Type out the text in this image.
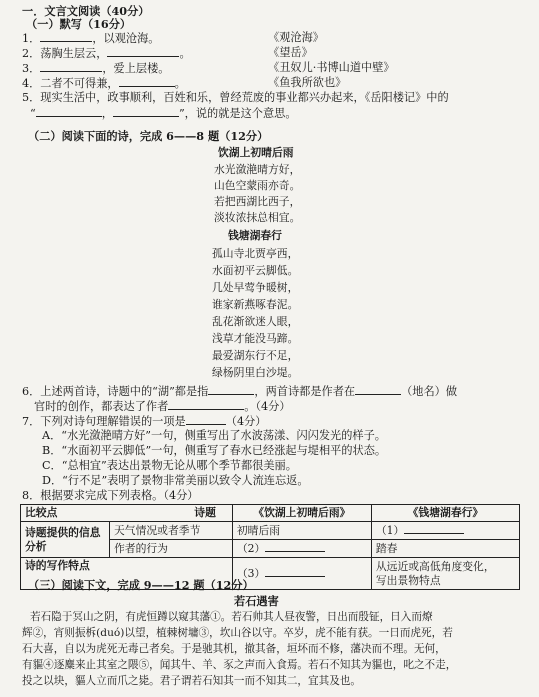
一．文言文阅读（40分）
（一）默写（16分）
1．	，以观沧海。	《观沧海》
2．荡胸生层云，	。	《望岳》
3．	，爱上层楼。	《丑奴儿·书博山道中壁》
4．二者不可得兼，	。	《鱼我所欲也》
5．现实生活中，政事顺利，百姓和乐，曾经荒废的事业都兴办起来，《岳阳楼记》中的
“	，	”，说的就是这个意思。
（二）阅读下面的诗，完成 6——8 题（12分）
饮湖上初晴后雨
水光潋滟晴方好，
山色空蒙雨亦奇。
若把西湖比西子，
淡妆浓抹总相宜。
钱塘湖春行
孤山寺北贾亭西，
水面初平云脚低。
几处早莺争暖树，
谁家新燕啄春泥。
乱花渐欲迷人眼，
浅草才能没马蹄。
最爱湖东行不足，
绿杨阴里白沙堤。
6．上述两首诗，诗题中的“湖”都是指	，两首诗都是作者在	（地名）做
官时的创作，都表达了作者	。（4分）
7．下列对诗句理解错误的一项是	（4分）
A．“水光潋滟晴方好”一句，侧重写出了水波荡漾、闪闪发光的样子。
B．“水面初平云脚低”一句，侧重写了春水已经涨起与堤相平的状态。
C．“总相宜”表达出景物无论从哪个季节都很美丽。
D．“行不足”表明了景物非常美丽以致令人流连忘返。
8．根据要求完成下列表格。（4分）
比较点 诗题		《饮湖上初晴后雨》	《钱塘湖春行》

诗题提供的信息
分析	天气情况或者季节	初晴后雨	（1）
	作者的行为	（2）	踏春
诗的写作特点		（3）	从远近或高低角度变化，
写出景物特点
（三）阅读下文，完成 9——12 题（12分）
若石遇害
若石隐于冥山之阴，有虎恒蹲以窥其藩①。若石帅其人昼夜警，日出而殷钲，日入而燎
辉②，宵则振柝(duó)以望，植棘树墉③，坎山谷以守。卒岁，虎不能有获。一日而虎死，若
石大喜，自以为虎死无毒己者矣。于是驰其机，撤其备，垣坏而不修，藩决而不理。无何，
有貙④逐麋来止其室之隈⑤，闻其牛、羊、豕之声而入食焉。若石不知其为貙也，叱之不走，
投之以块，貙人立而爪之毙。君子谓若石知其一而不知其二，宜其及也。
